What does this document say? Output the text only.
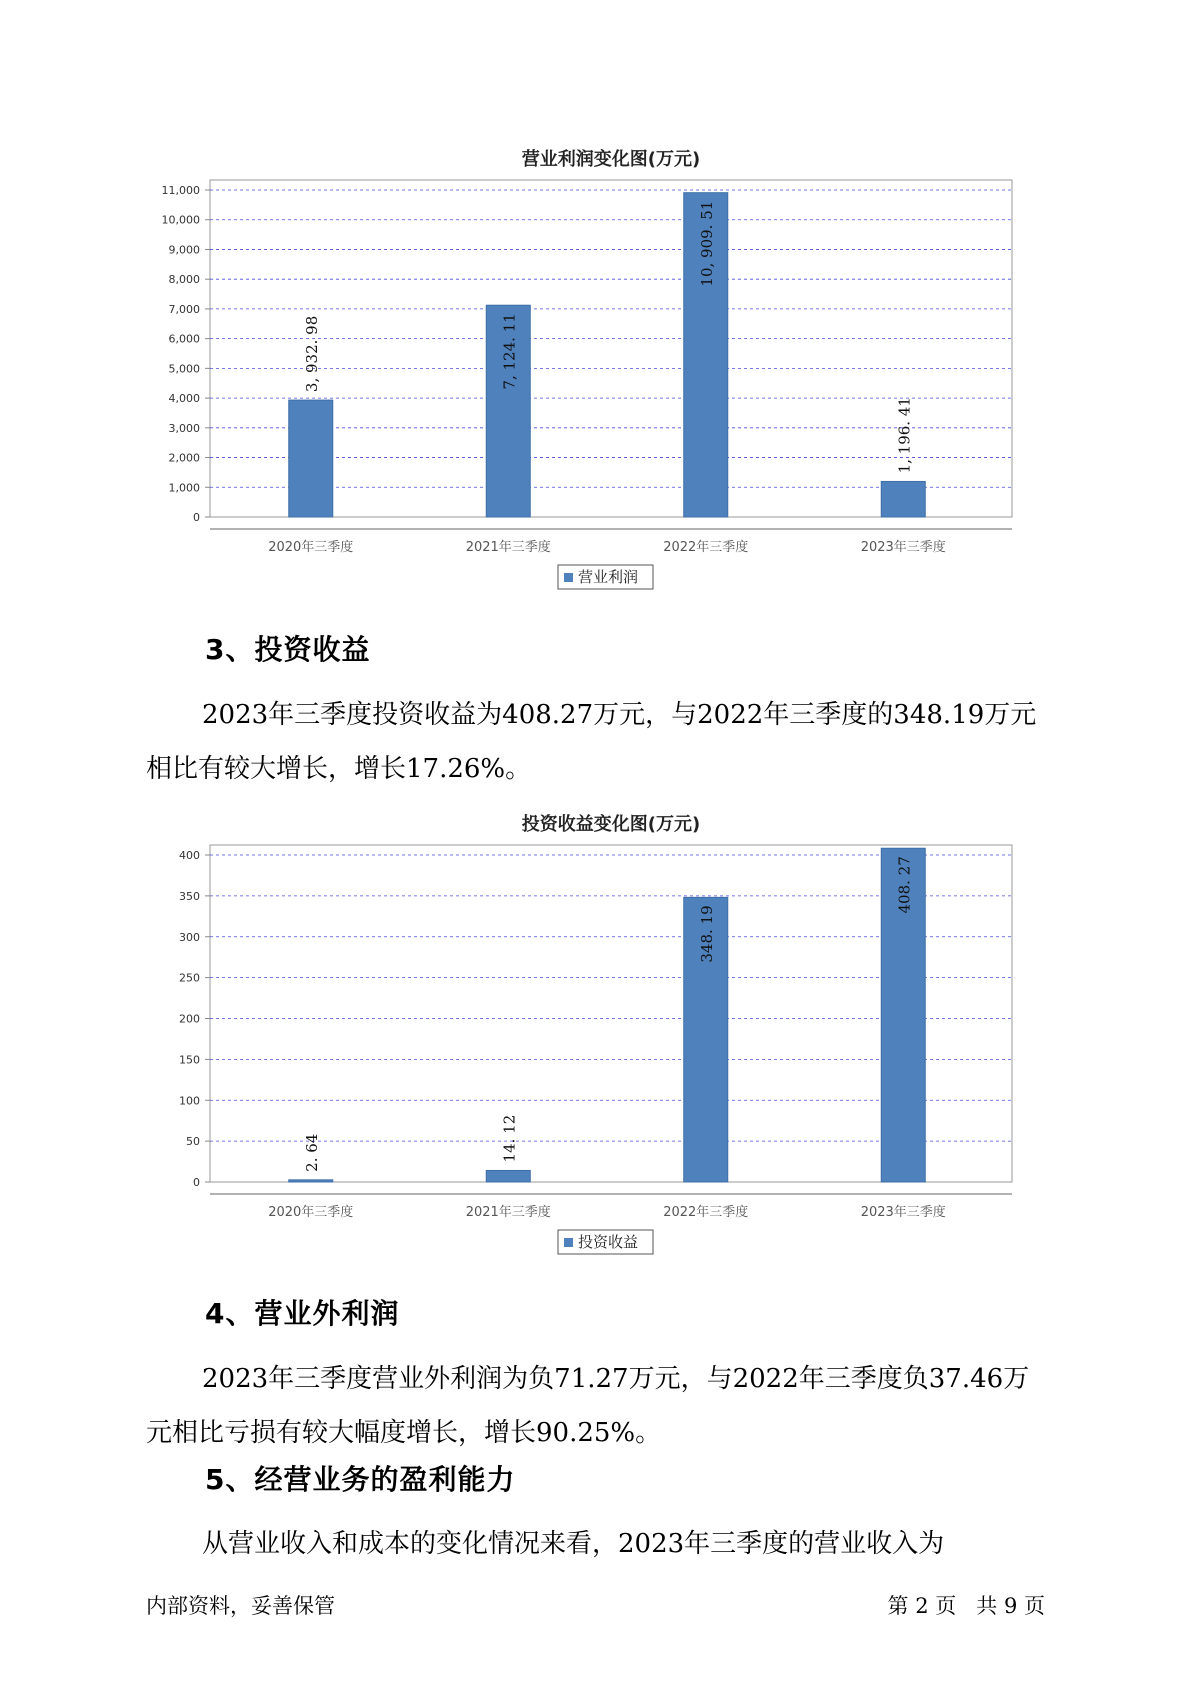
营业利润变化图(万元)
0
1,000
2,000
3,000
4,000
5,000
6,000
7,000
8,000
9,000
10,000
11,000
3, 932. 98
2020年三季度
7, 124. 11
2021年三季度
10, 909. 51
2022年三季度
1, 196. 41
2023年三季度
营业利润
3、投资收益
2023年三季度投资收益为408.27万元，与2022年三季度的348.19万元相比有较大增长，增长17.26%。
投资收益变化图(万元)
0
50
100
150
200
250
300
350
400
2. 64
2020年三季度
14. 12
2021年三季度
348. 19
2022年三季度
408. 27
2023年三季度
投资收益
4、营业外利润
2023年三季度营业外利润为负71.27万元，与2022年三季度负37.46万元相比亏损有较大幅度增长，增长90.25%。
5、经营业务的盈利能力
从营业收入和成本的变化情况来看，2023年三季度的营业收入为
内部资料，妥善保管	第 2 页   共 9 页
